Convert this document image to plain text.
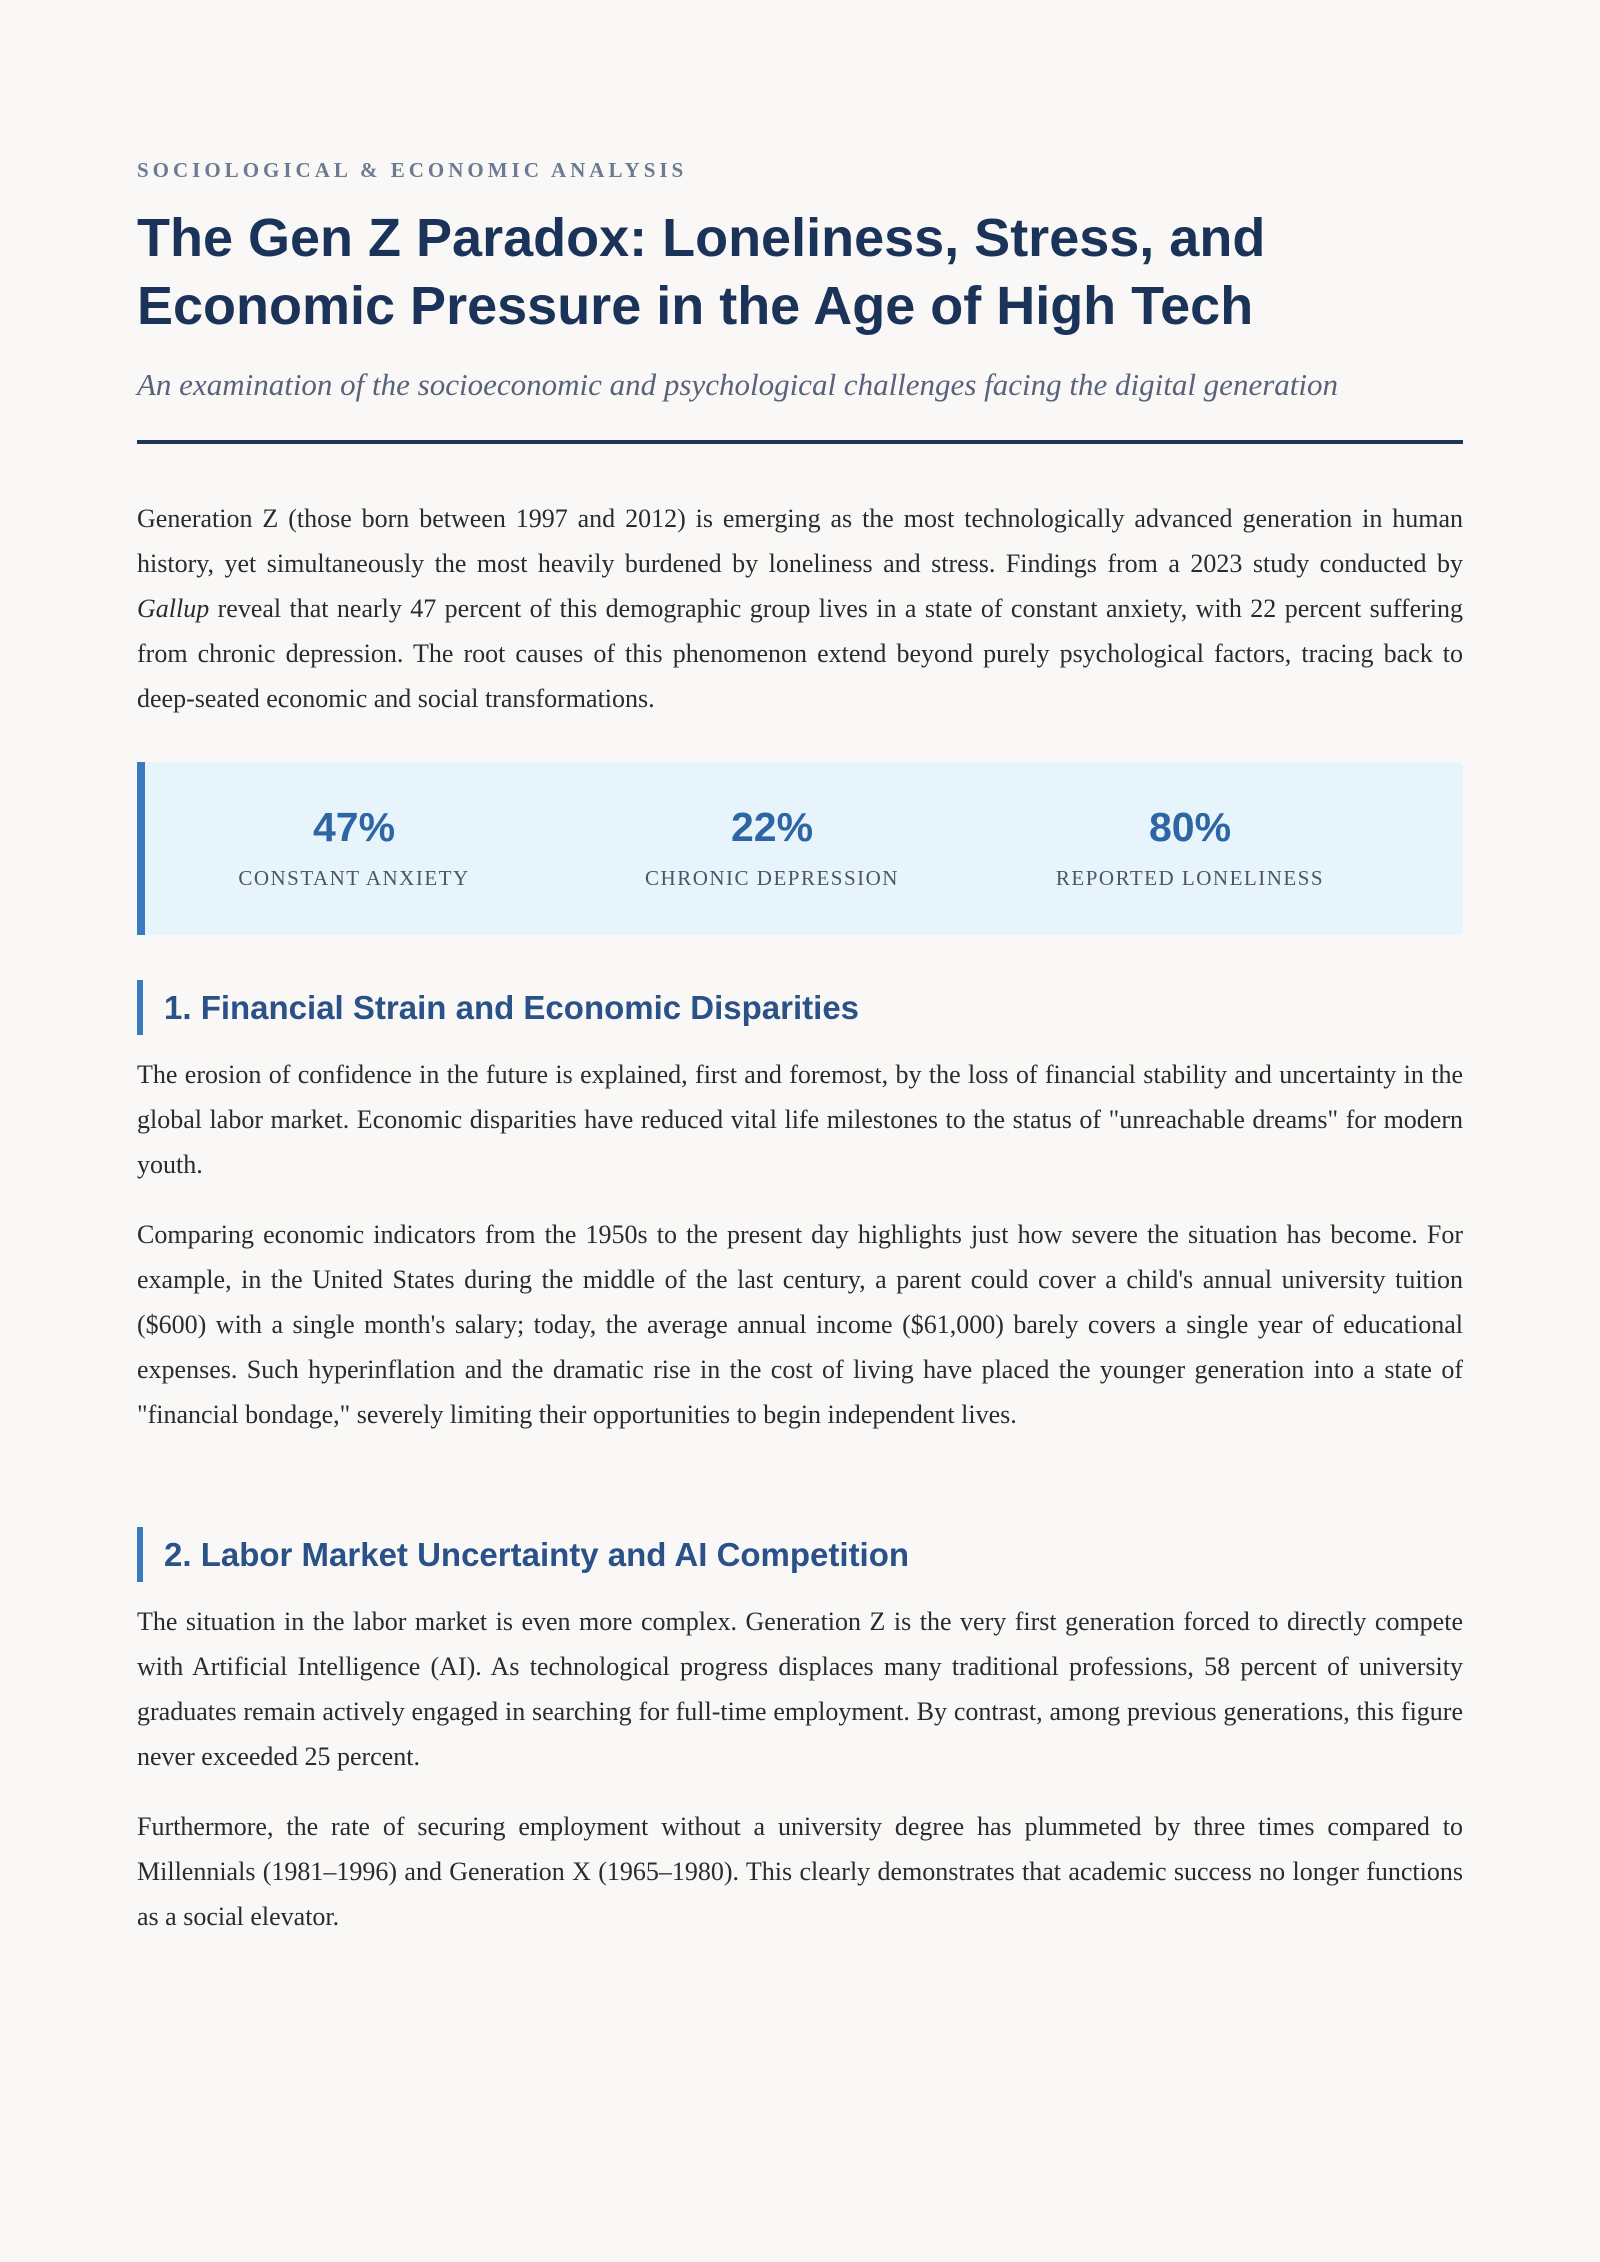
SOCIOLOGICAL & ECONOMIC ANALYSIS
The Gen Z Paradox: Loneliness, Stress, and Economic Pressure in the Age of High Tech

An examination of the socioeconomic and psychological challenges facing the digital generation

Generation Z (those born between 1997 and 2012) is emerging as the most technologically advanced generation in human history, yet simultaneously the most heavily burdened by loneliness and stress. Findings from a 2023 study conducted by Gallup reveal that nearly 47 percent of this demographic group lives in a state of constant anxiety, with 22 percent suffering from chronic depression. The root causes of this phenomenon extend beyond purely psychological factors, tracing back to deep-seated economic and social transformations.

47%
CONSTANT ANXIETY
22%
CHRONIC DEPRESSION
80%
REPORTED LONELINESS
1. Financial Strain and Economic Disparities

The erosion of confidence in the future is explained, first and foremost, by the loss of financial stability and uncertainty in the global labor market. Economic disparities have reduced vital life milestones to the status of "unreachable dreams" for modern youth.

Comparing economic indicators from the 1950s to the present day highlights just how severe the situation has become. For example, in the United States during the middle of the last century, a parent could cover a child's annual university tuition ($600) with a single month's salary; today, the average annual income ($61,000) barely covers a single year of educational expenses. Such hyperinflation and the dramatic rise in the cost of living have placed the younger generation into a state of "financial bondage," severely limiting their opportunities to begin independent lives.

2. Labor Market Uncertainty and AI Competition

The situation in the labor market is even more complex. Generation Z is the very first generation forced to directly compete with Artificial Intelligence (AI). As technological progress displaces many traditional professions, 58 percent of university graduates remain actively engaged in searching for full-time employment. By contrast, among previous generations, this figure never exceeded 25 percent.

Furthermore, the rate of securing employment without a university degree has plummeted by three times compared to Millennials (1981–1996) and Generation X (1965–1980). This clearly demonstrates that academic success no longer functions as a social elevator.
